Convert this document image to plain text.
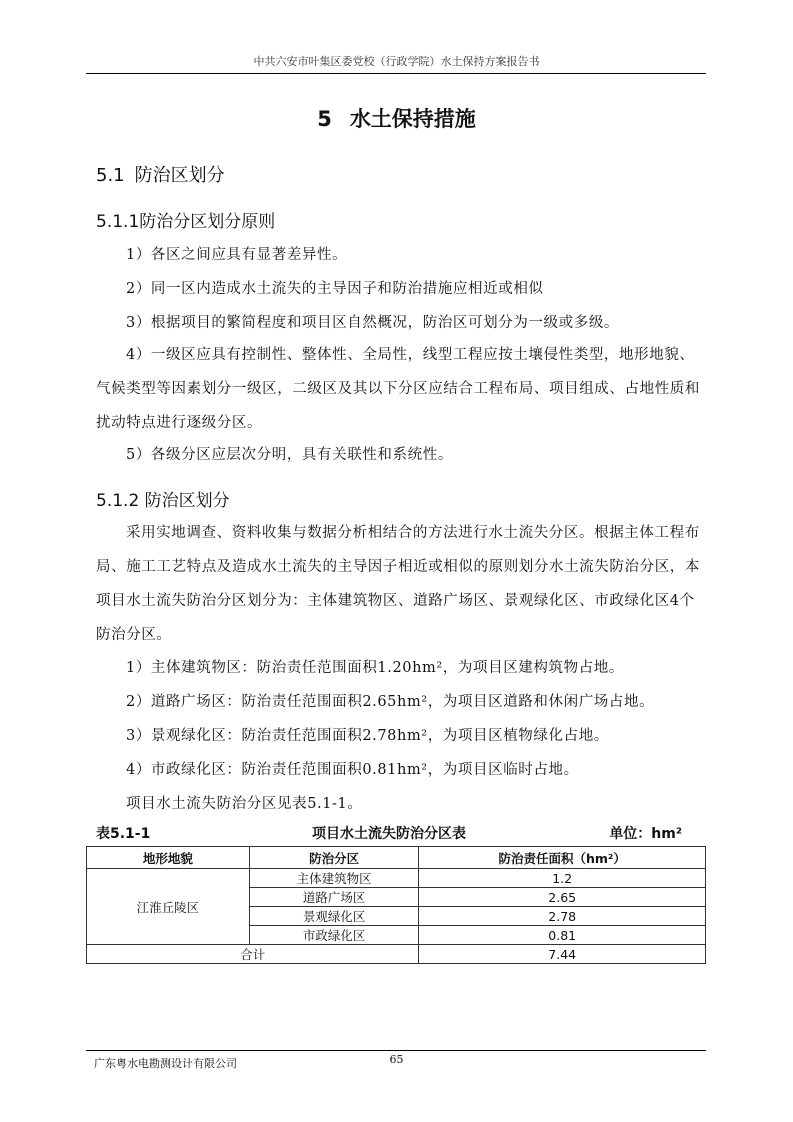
中共六安市叶集区委党校（行政学院）水土保持方案报告书
5 水土保持措施
5.1 防治区划分
5.1.1防治分区划分原则
1）各区之间应具有显著差异性。
2）同一区内造成水土流失的主导因子和防治措施应相近或相似
3）根据项目的繁简程度和项目区自然概况，防治区可划分为一级或多级。
4）一级区应具有控制性、整体性、全局性，线型工程应按土壤侵性类型，地形地貌、气候类型等因素划分一级区，二级区及其以下分区应结合工程布局、项目组成、占地性质和扰动特点进行逐级分区。
5）各级分区应层次分明，具有关联性和系统性。
5.1.2 防治区划分
采用实地调查、资料收集与数据分析相结合的方法进行水土流失分区。根据主体工程布局、施工工艺特点及造成水土流失的主导因子相近或相似的原则划分水土流失防治分区，本项目水土流失防治分区划分为：主体建筑物区、道路广场区、景观绿化区、市政绿化区4个防治分区。
1）主体建筑物区：防治责任范围面积1.20hm²，为项目区建构筑物占地。
2）道路广场区：防治责任范围面积2.65hm²，为项目区道路和休闲广场占地。
3）景观绿化区：防治责任范围面积2.78hm²，为项目区植物绿化占地。
4）市政绿化区：防治责任范围面积0.81hm²，为项目区临时占地。
项目水土流失防治分区见表5.1-1。
项目水土流失防治分区表
表5.1-1	单位：hm²
地形地貌	防治分区	防治责任面积（hm²）
江淮丘陵区	主体建筑物区	1.2
	道路广场区	2.65
	景观绿化区	2.78
	市政绿化区	0.81
合计		7.44
广东粤水电勘测设计有限公司	65
